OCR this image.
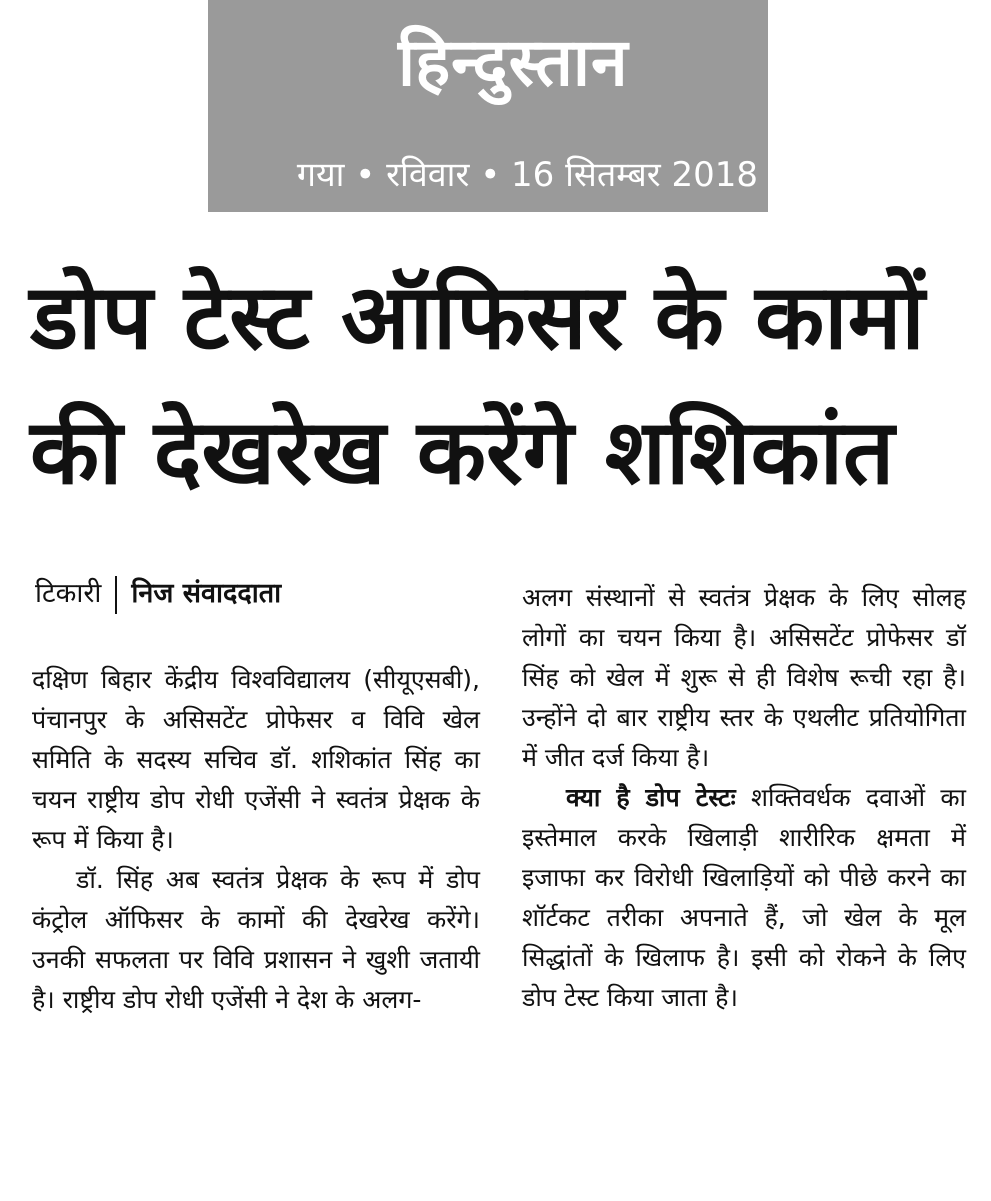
हिन्दुस्तान
गया • रविवार • 16 सितम्बर 2018
डोप टेस्ट ऑफिसर के कामों
की देखरेख करेंगे शशिकांत
टिकारी निज संवाददाता

दक्षिण बिहार केंद्रीय विश्वविद्यालय (सीयूएसबी), पंचानपुर के असिसटेंट प्रोफेसर व विवि खेल समिति के सदस्य सचिव डॉ. शशिकांत सिंह का चयन राष्ट्रीय डोप रोधी एजेंसी ने स्वतंत्र प्रेक्षक के रूप में किया है।

डॉ. सिंह अब स्वतंत्र प्रेक्षक के रूप में डोप कंट्रोल ऑफिसर के कामों की देखरेख करेंगे। उनकी सफलता पर विवि प्रशासन ने खुशी जतायी है। राष्ट्रीय डोप रोधी एजेंसी ने देश के अलग-

अलग संस्थानों से स्वतंत्र प्रेक्षक के लिए सोलह लोगों का चयन किया है। असिसटेंट प्रोफेसर डॉ सिंह को खेल में शुरू से ही विशेष रूची रहा है। उन्होंने दो बार राष्ट्रीय स्तर के एथलीट प्रतियोगिता में जीत दर्ज किया है।

क्या है डोप टेस्टः शक्तिवर्धक दवाओं का इस्तेमाल करके खिलाड़ी शारीरिक क्षमता में इजाफा कर विरोधी खिलाड़ियों को पीछे करने का शॉर्टकट तरीका अपनाते हैं, जो खेल के मूल सिद्धांतों के खिलाफ है। इसी को रोकने के लिए डोप टेस्ट किया जाता है।
